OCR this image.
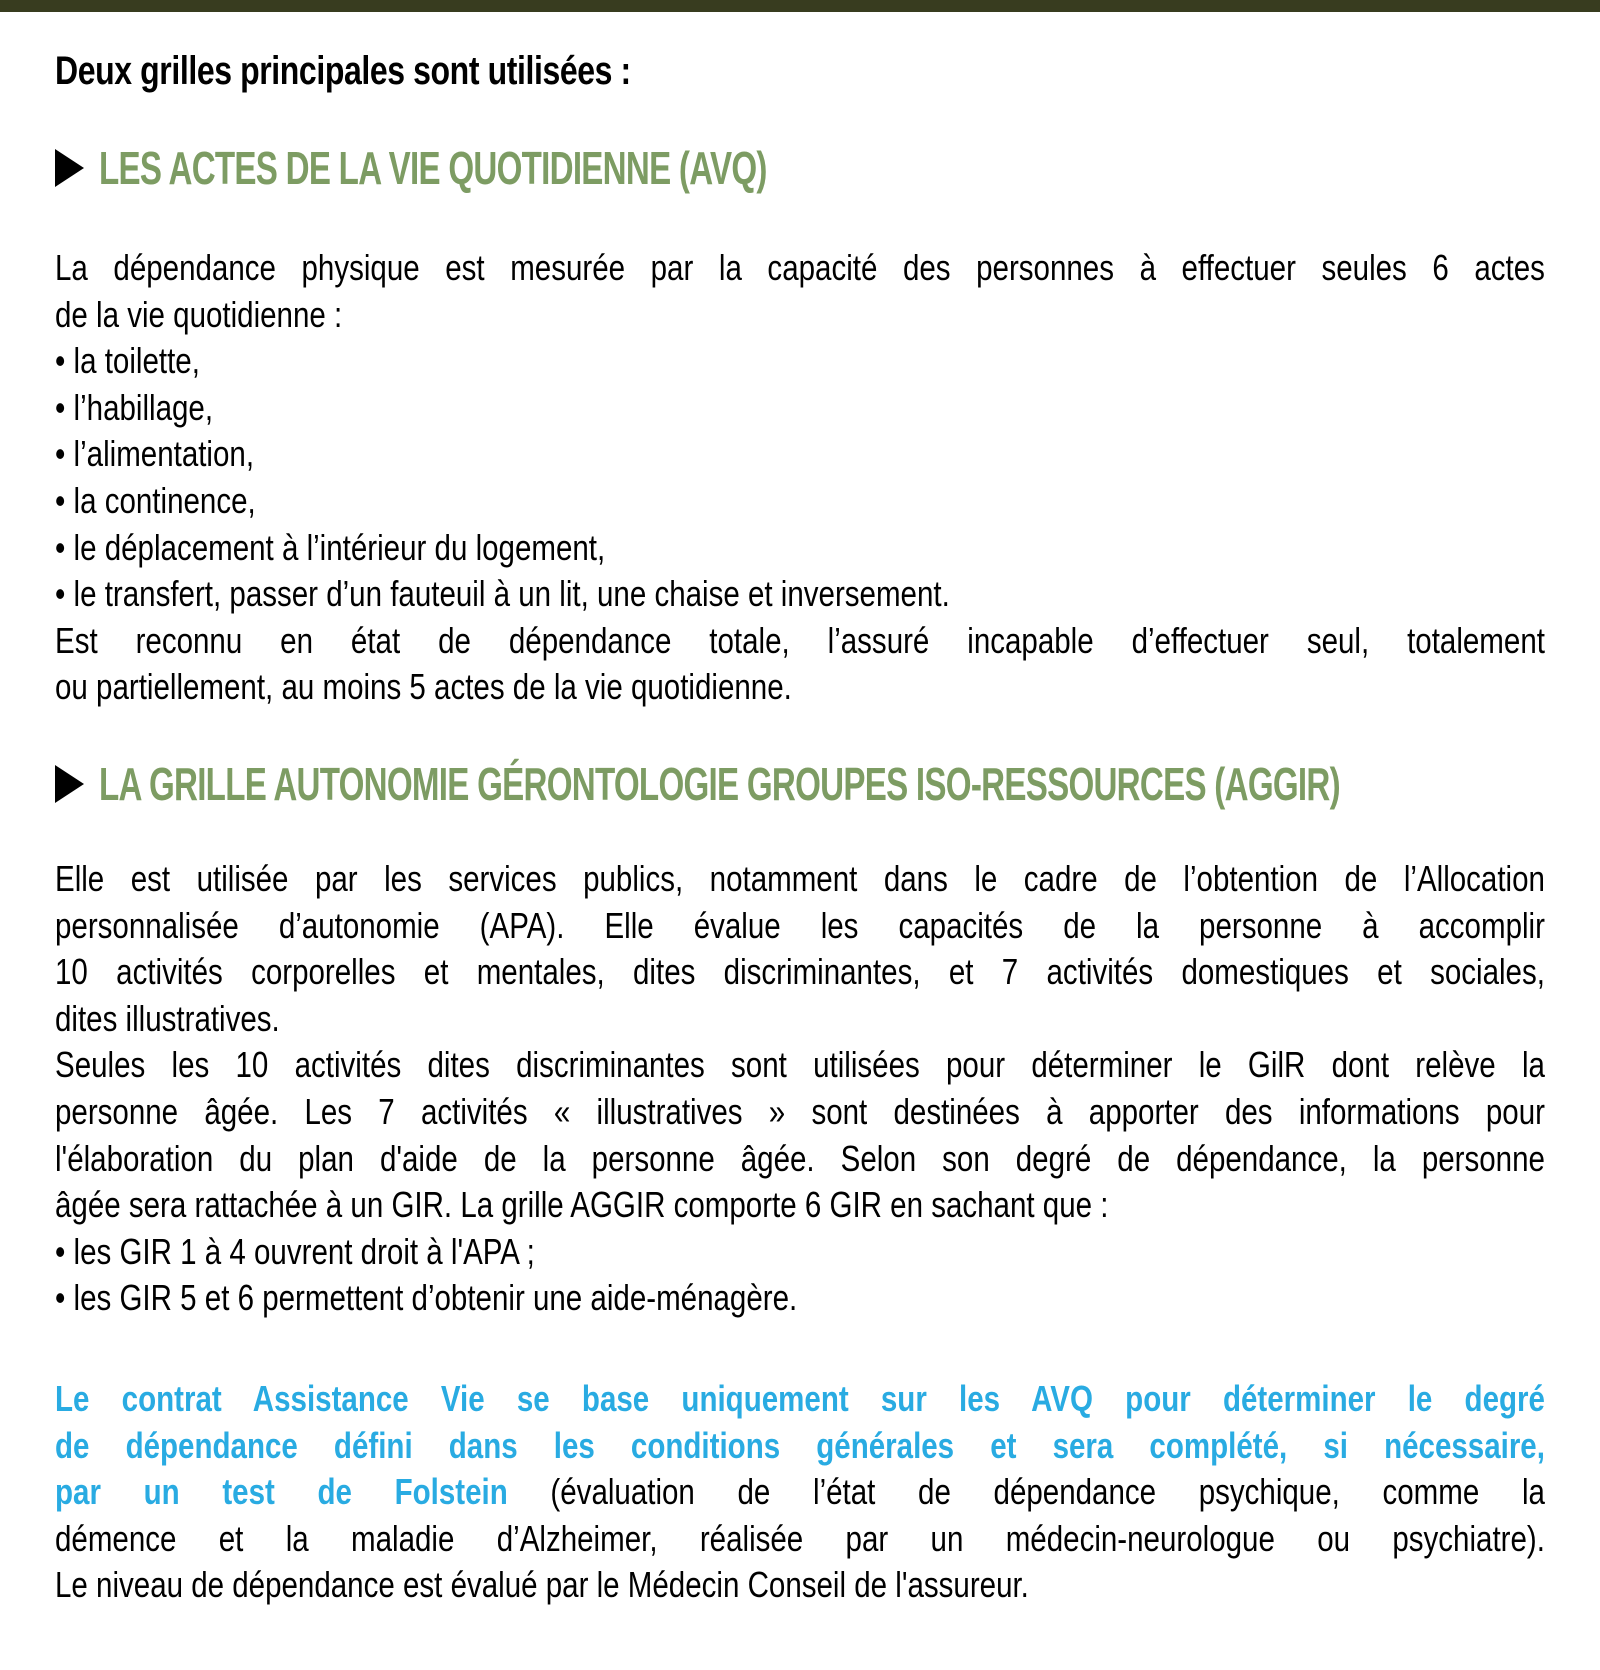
Deux grilles principales sont utilisées :
LES ACTES DE LA VIE QUOTIDIENNE (AVQ)
La dépendance physique est mesurée par la capacité des personnes à effectuer seules 6 actes
de la vie quotidienne :
• la toilette,
• l’habillage,
• l’alimentation,
• la continence,
• le déplacement à l’intérieur du logement,
• le transfert, passer d’un fauteuil à un lit, une chaise et inversement.
Est reconnu en état de dépendance totale, l’assuré incapable d’effectuer seul, totalement
ou partiellement, au moins 5 actes de la vie quotidienne.
LA GRILLE AUTONOMIE GÉRONTOLOGIE GROUPES ISO-RESSOURCES (AGGIR)
Elle est utilisée par les services publics, notamment dans le cadre de l’obtention de l’Allocation
personnalisée d’autonomie (APA). Elle évalue les capacités de la personne à accomplir
10 activités corporelles et mentales, dites discriminantes, et 7 activités domestiques et sociales,
dites illustratives.
Seules les 10 activités dites discriminantes sont utilisées pour déterminer le GilR dont relève la
personne âgée. Les 7 activités « illustratives » sont destinées à apporter des informations pour
l'élaboration du plan d'aide de la personne âgée. Selon son degré de dépendance, la personne
âgée sera rattachée à un GIR. La grille AGGIR comporte 6 GIR en sachant que :
• les GIR 1 à 4 ouvrent droit à l'APA ;
• les GIR 5 et 6 permettent d’obtenir une aide-ménagère.
Le contrat Assistance Vie se base uniquement sur les AVQ pour déterminer le degré
de dépendance défini dans les conditions générales et sera complété, si nécessaire,
par un test de Folstein (évaluation de l’état de dépendance psychique, comme la
démence et la maladie d’Alzheimer, réalisée par un médecin-neurologue ou psychiatre).
Le niveau de dépendance est évalué par le Médecin Conseil de l'assureur.
